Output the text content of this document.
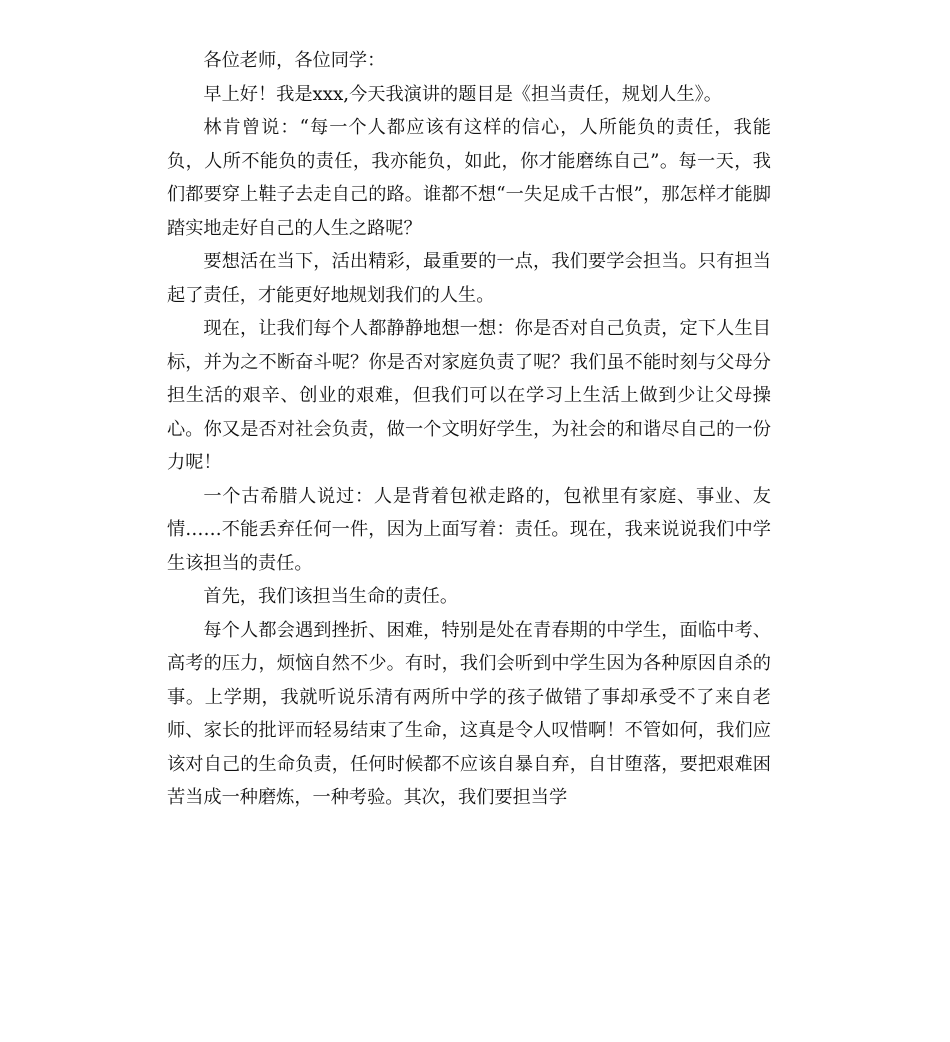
各位老师，各位同学：

早上好！我是xxx,今天我演讲的题目是《担当责任，规划人生》。

林肯曾说：“每一个人都应该有这样的信心，人所能负的责任，我能负，人所不能负的责任，我亦能负，如此，你才能磨练自己”。每一天，我们都要穿上鞋子去走自己的路。谁都不想“一失足成千古恨”，那怎样才能脚踏实地走好自己的人生之路呢？

要想活在当下，活出精彩，最重要的一点，我们要学会担当。只有担当起了责任，才能更好地规划我们的人生。

现在，让我们每个人都静静地想一想：你是否对自己负责，定下人生目标，并为之不断奋斗呢？你是否对家庭负责了呢？我们虽不能时刻与父母分担生活的艰辛、创业的艰难，但我们可以在学习上生活上做到少让父母操心。你又是否对社会负责，做一个文明好学生，为社会的和谐尽自己的一份力呢！

一个古希腊人说过：人是背着包袱走路的，包袱里有家庭、事业、友情……不能丢弃任何一件，因为上面写着：责任。现在，我来说说我们中学生该担当的责任。

首先，我们该担当生命的责任。

每个人都会遇到挫折、困难，特别是处在青春期的中学生，面临中考、高考的压力，烦恼自然不少。有时，我们会听到中学生因为各种原因自杀的事。上学期，我就听说乐清有两所中学的孩子做错了事却承受不了来自老师、家长的批评而轻易结束了生命，这真是令人叹惜啊！不管如何，我们应该对自己的生命负责，任何时候都不应该自暴自弃，自甘堕落，要把艰难困苦当成一种磨炼，一种考验。其次，我们要担当学
